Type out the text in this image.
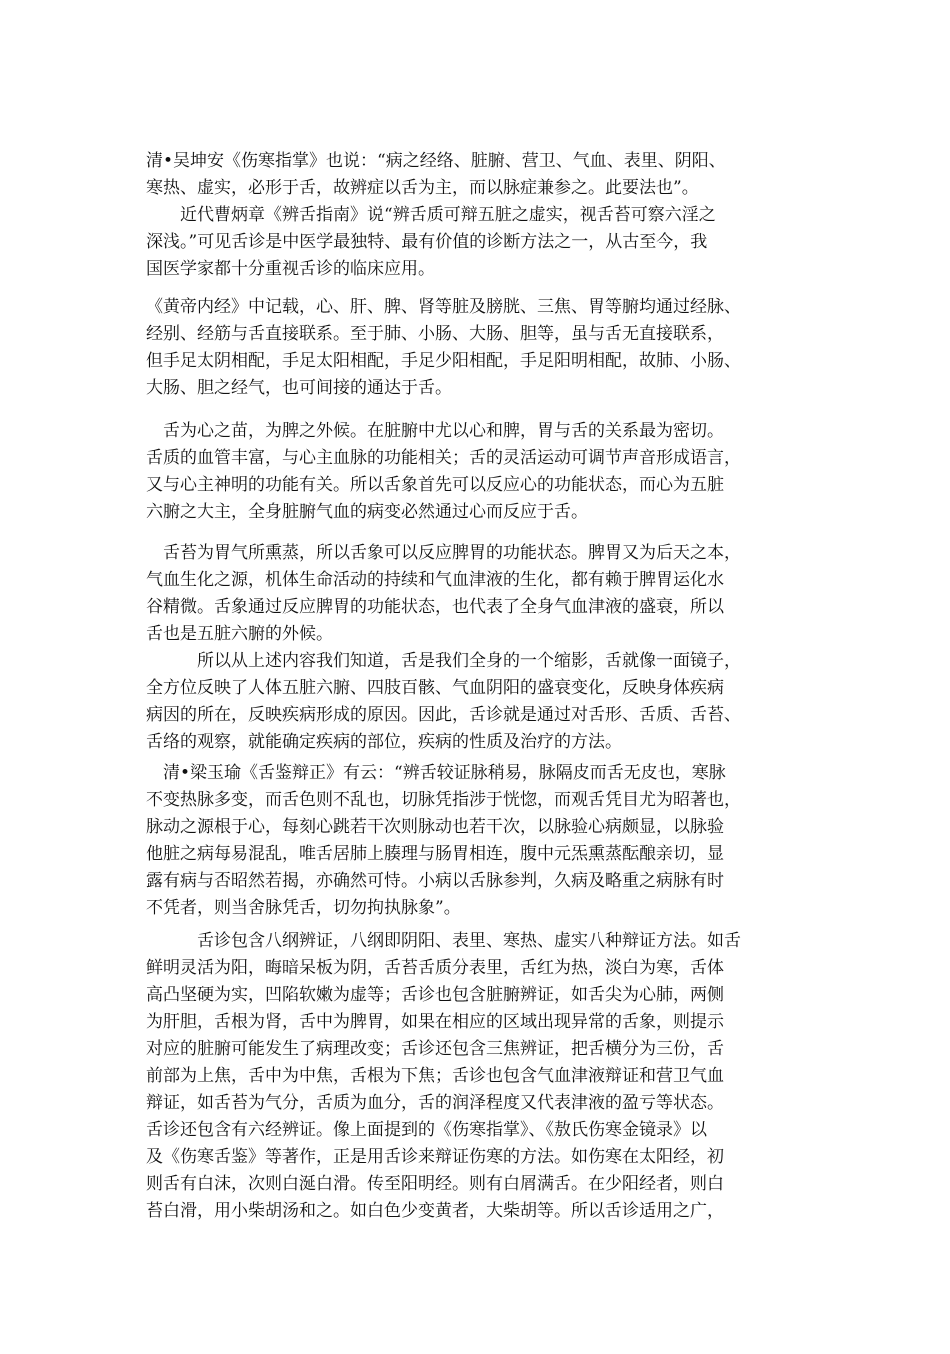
清•吴坤安《伤寒指掌》也说：“病之经络、脏腑、营卫、气血、表里、阴阳、
寒热、虚实，必形于舌，故辨症以舌为主，而以脉症兼参之。此要法也”。
　　近代曹炳章《辨舌指南》说“辨舌质可辩五脏之虚实，视舌苔可察六淫之
深浅。”可见舌诊是中医学最独特、最有价值的诊断方法之一，从古至今，我
国医学家都十分重视舌诊的临床应用。
《黄帝内经》中记载，心、肝、脾、肾等脏及膀胱、三焦、胃等腑均通过经脉、
经别、经筋与舌直接联系。至于肺、小肠、大肠、胆等，虽与舌无直接联系，
但手足太阴相配，手足太阳相配，手足少阳相配，手足阳明相配，故肺、小肠、
大肠、胆之经气，也可间接的通达于舌。
　舌为心之苗，为脾之外候。在脏腑中尤以心和脾，胃与舌的关系最为密切。
舌质的血管丰富，与心主血脉的功能相关；舌的灵活运动可调节声音形成语言，
又与心主神明的功能有关。所以舌象首先可以反应心的功能状态，而心为五脏
六腑之大主，全身脏腑气血的病变必然通过心而反应于舌。
　舌苔为胃气所熏蒸，所以舌象可以反应脾胃的功能状态。脾胃又为后天之本，
气血生化之源，机体生命活动的持续和气血津液的生化，都有赖于脾胃运化水
谷精微。舌象通过反应脾胃的功能状态，也代表了全身气血津液的盛衰，所以
舌也是五脏六腑的外候。
　　　所以从上述内容我们知道，舌是我们全身的一个缩影，舌就像一面镜子，
全方位反映了人体五脏六腑、四肢百骸、气血阴阳的盛衰变化，反映身体疾病
病因的所在，反映疾病形成的原因。因此，舌诊就是通过对舌形、舌质、舌苔、
舌络的观察，就能确定疾病的部位，疾病的性质及治疗的方法。
　清•梁玉瑜《舌鉴辩正》有云：“辨舌较证脉稍易，脉隔皮而舌无皮也，寒脉
不变热脉多变，而舌色则不乱也，切脉凭指涉于恍惚，而观舌凭目尤为昭著也，
脉动之源根于心，每刻心跳若干次则脉动也若干次，以脉验心病颇显，以脉验
他脏之病每易混乱，唯舌居肺上腠理与肠胃相连，腹中元炁熏蒸酝酿亲切，显
露有病与否昭然若揭，亦确然可恃。小病以舌脉参判，久病及略重之病脉有时
不凭者，则当舍脉凭舌，切勿拘执脉象”。
　　　舌诊包含八纲辨证，八纲即阴阳、表里、寒热、虚实八种辩证方法。如舌
鲜明灵活为阳，晦暗呆板为阴，舌苔舌质分表里，舌红为热，淡白为寒，舌体
高凸坚硬为实，凹陷软嫩为虚等；舌诊也包含脏腑辨证，如舌尖为心肺，两侧
为肝胆，舌根为肾，舌中为脾胃，如果在相应的区域出现异常的舌象，则提示
对应的脏腑可能发生了病理改变；舌诊还包含三焦辨证，把舌横分为三份，舌
前部为上焦，舌中为中焦，舌根为下焦；舌诊也包含气血津液辩证和营卫气血
辩证，如舌苔为气分，舌质为血分，舌的润泽程度又代表津液的盈亏等状态。
舌诊还包含有六经辨证。像上面提到的《伤寒指掌》、《敖氏伤寒金镜录》以
及《伤寒舌鉴》等著作，正是用舌诊来辩证伤寒的方法。如伤寒在太阳经，初
则舌有白沫，次则白涎白滑。传至阳明经。则有白屑满舌。在少阳经者，则白
苔白滑，用小柴胡汤和之。如白色少变黄者，大柴胡等。所以舌诊适用之广，
